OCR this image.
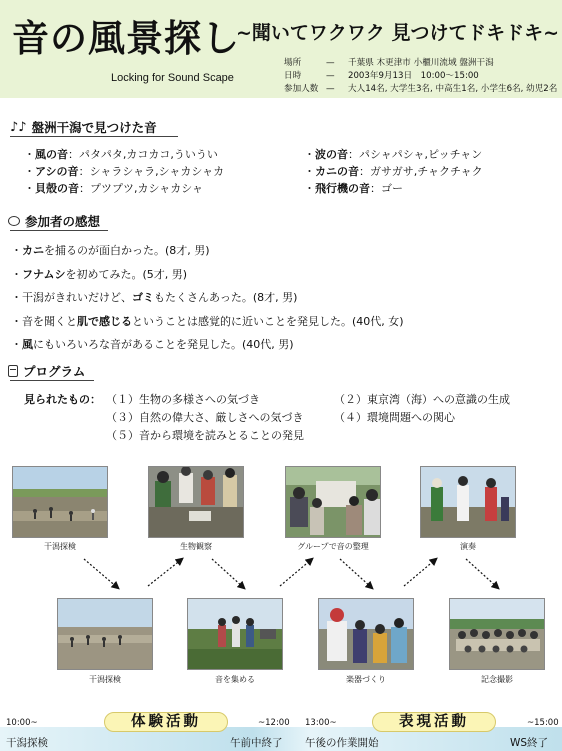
音の風景探し
~聞いてワクワク 見つけてドキドキ~
Locking for Sound Scape
場所	—	千葉県 木更津市 小櫃川流域 盤洲干潟
日時	—	2003年9月13日　10:00～15:00
参加人数 —	大人14名, 大学生3名, 中高生1名, 小学生6名, 幼児2名
♪♪ 盤洲干潟で見つけた音
・風の音：パタパタ,カコカコ,ういうい
・アシの音：シャラシャラ,シャカシャカ
・貝殻の音：プツプツ,カシャカシャ
・波の音：パシャパシャ,ピッチャン
・カニの音：ガサガサ,チャクチャク
・飛行機の音：ゴー
参加者の感想
・カニを捕るのが面白かった。(8才, 男)
・フナムシを初めてみた。(5才, 男)
・干潟がきれいだけど、ゴミもたくさんあった。(8才, 男)
・音を聞くと肌で感じるということは感覚的に近いことを発見した。(40代, 女)
・風にもいろいろな音があることを発見した。(40代, 男)
プログラム
見られたもの： （１）生物の多様さへの気づき	（２）東京湾（海）への意識の生成
（３）自然の偉大さ、厳しさへの気づき	（４）環境問題への関心
（５）音から環境を読みとることの発見
干潟探検	生物観察	グループで音の整理	演奏
干潟探検	音を集める	楽器づくり	記念撮影
10:00~	体験活動	~12:00 13:00~	表現活動	~15:00
干潟探検	午前中終了 午後の作業開始	WS終了
